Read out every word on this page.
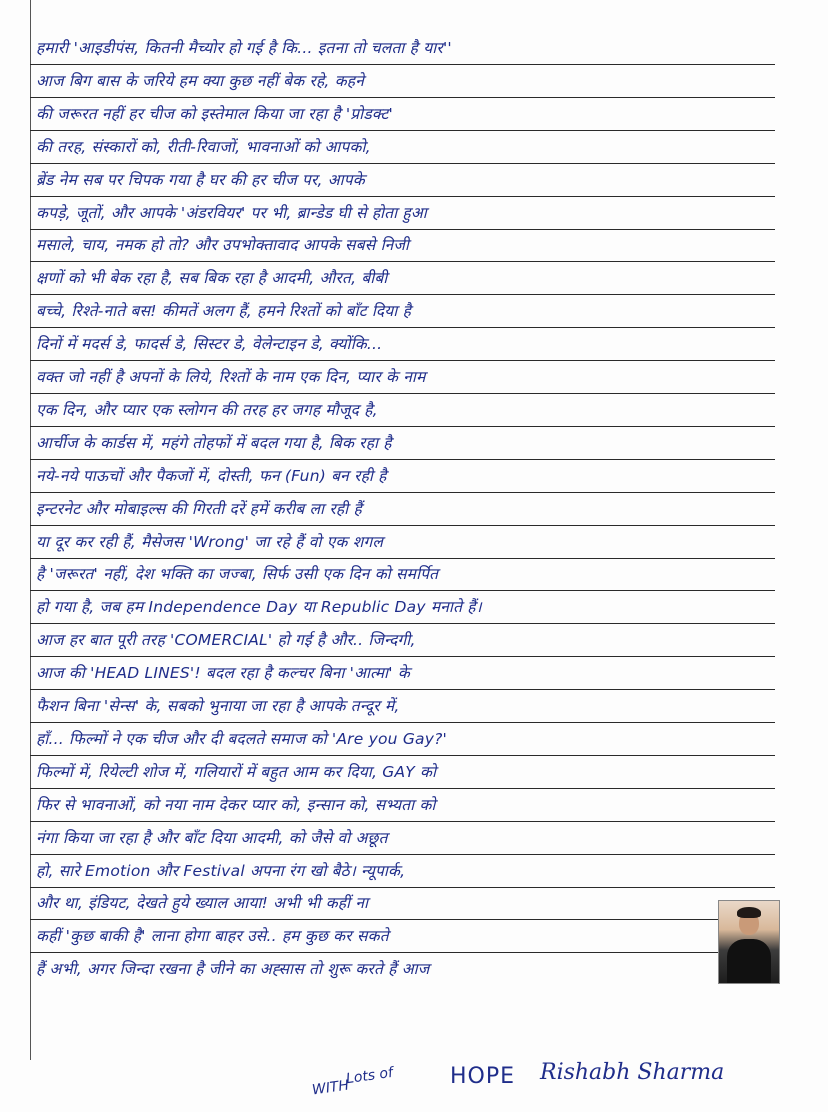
हमारी 'आइडीपंस, कितनी मैच्योर हो गई है कि... इतना तो चलता है यार''
आज बिग बास के जरिये हम क्या कुछ नहीं बेक रहे, कहने
की जरूरत नहीं हर चीज को इस्तेमाल किया जा रहा है 'प्रोडक्ट'
की तरह, संस्कारों को, रीती-रिवाजों, भावनाओं को आपको,
ब्रेंड नेम सब पर चिपक गया है घर की हर चीज पर, आपके
कपड़े, जूतों, और आपके 'अंडरवियर' पर भी, ब्रान्डेड घी से होता हुआ
मसाले, चाय, नमक हो तो? और उपभोक्तावाद आपके सबसे निजी
क्षणों को भी बेक रहा है, सब बिक रहा है आदमी, औरत, बीबी
बच्चे, रिश्ते-नाते बस! कीमतें अलग हैं, हमने रिश्तों को बाँट दिया है
दिनों में मदर्स डे, फादर्स डे, सिस्टर डे, वेलेन्टाइन डे, क्योंकि...
वक्त जो नहीं है अपनों के लिये, रिश्तों के नाम एक दिन, प्यार के नाम
एक दिन, और प्यार एक स्लोगन की तरह हर जगह मौजूद है,
आर्चीज के कार्डस में, महंगे तोहफों में बदल गया है, बिक रहा है
नये-नये पाऊचों और पैकजों में, दोस्ती, फन (Fun) बन रही है
इन्टरनेट और मोबाइल्स की गिरती दरें हमें करीब ला रही हैं
या दूर कर रही हैं, मैसेजस 'Wrong' जा रहे हैं वो एक शगल
है 'जरूरत' नहीं, देश भक्ति का जज्बा, सिर्फ उसी एक दिन को समर्पित
हो गया है, जब हम Independence Day या Republic Day मनाते हैं।
आज हर बात पूरी तरह 'COMERCIAL' हो गई है और.. जिन्दगी,
आज की 'HEAD LINES'! बदल रहा है कल्चर बिना 'आत्मा' के
फैशन बिना 'सेन्स' के, सबको भुनाया जा रहा है आपके तन्दूर में,
हाँ... फिल्मों ने एक चीज और दी बदलते समाज को 'Are you Gay?'
फिल्मों में, रियेल्टी शोज में, गलियारों में बहुत आम कर दिया, GAY को
फिर से भावनाओं, को नया नाम देकर प्यार को, इन्सान को, सभ्यता को
नंगा किया जा रहा है और बाँट दिया आदमी, को जैसे वो अछूत
हो, सारे Emotion और Festival अपना रंग खो बैठे। न्यूपार्क,
और था, इंडियट, देखते हुये ख्याल आया! अभी भी कहीं ना
कहीं 'कुछ बाकी है' लाना होगा बाहर उसे.. हम कुछ कर सकते
हैं अभी, अगर जिन्दा रखना है जीने का अह्सास तो शुरू करते हैं आज
WITH
Lots of	HOPE Rishabh Sharma
